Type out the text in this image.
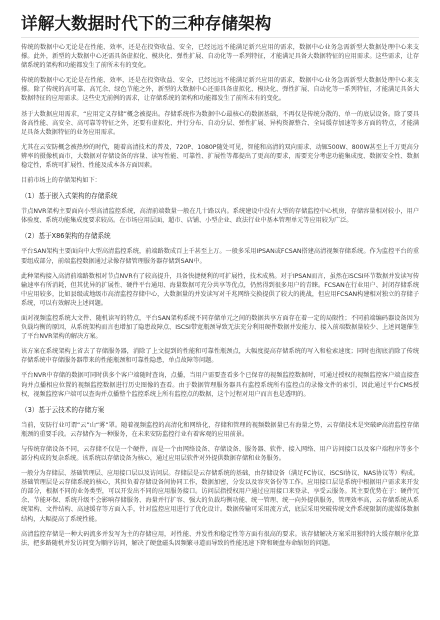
详解大数据时代下的三种存储架构

传统的数据中心无论是在性能、效率，还是在投资收益、安全，已经远远不能满足新兴应用的需求，数据中心业务急需新型大数据处理中心来支撑。此外，新型的大数据中心还需具备虚拟化、模块化、弹性扩展、自动化等一系列特征，才能满足具备大数据特征的应用需求。这些需求，让存储系统的架构和功能都发生了前所未有的变化。

传统的数据中心无论是在性能、效率，还是在投资收益、安全，已经远远不能满足新兴应用的需求，数据中心业务急需新型大数据处理中心来支撑。除了传统的高可靠、高冗余、绿色节能之外，新型的大数据中心还需具备虚拟化、模块化、弹性扩展、自动化等一系列特征，才能满足具备大数据特征的应用需求。这些史无前例的需求，让存储系统的架构和功能都发生了前所未有的变化。

基于大数据应用需求，“应用定义存储”概念被提出。存储系统作为数据中心最核心的数据基础，不再仅是传统分散的、单一的底层设备。除了要具备高性能、高安全、高可靠等特征之外，还要有虚拟化、并行分布、自动分层、弹性扩展、异构资源整合、全局缓存加速等多方面的特点，才能满足具备大数据特征的业务应用需求。

尤其在云安防概念被热炒的时代，随着高清技术的普及，720P、1080P随处可见，智能和高清的双向需求、动辄500W、800W甚至上千万更高分辨率的摄像机面市，大数据对存储设备的容量、读写性能、可靠性、扩展性等都提出了更高的要求，需要充分考虑功能集成度、数据安全性、数据稳定性，系统可扩展性、性能及成本各方面因素。

目前市场上的存储架构如下：

（1）基于嵌入式架构的存储系统

节点NVR架构主要面向小型高清监控系统，高清前端数量一般在几十路以内。系统建设中没有大型的存储监控中心机房，存储容量相对较小，用户体验度、系统功能集成度要求较高。在市场应用层面，超市、店铺、小型企业、政法行业中基本管理单元等应用较为广泛。

（2）基于X86架构的存储系统

平台SAN架构主要面向中大型高清监控系统，前端路数成百上千甚至上万。一般多采用IPSAN或FCSAN搭建高清视频存储系统。作为监控平台的重要组成部分，前端监控数据通过录像存储管理服务器存储到SAN中。

此种架构接入高清前端路数相对节点NVR有了较高提升，具备快捷便利的可扩展性，技术成熟。对于IPSAN而言，虽然在iSCSI环节数据并发读写传输速率有所消耗，但其优异的扩展性、硬件平台通用、海量数据可充分共享等优点，仍然得到很多用户的青睐。FCSAN在行业用户、封闭存储系统中应用较多，比如县级或地级市高清监控存储中心，大数据量的并发读写对千兆网络交换提供了较大的挑战，但应用FCSAN构建相对独立的存储子系统，可以有效解决上述问题。

面对视频监控系统大文件、随机读写的特点，平台SAN架构系统不同存储单元之间的数据共享方面存在着一定的局限性；不同前端编码器设备因为负载均衡的原因，从系统架构而言也增加了隐患故障点、ISCSI带宽瓶颈导致无法充分利用硬件数据并发能力、接入前端数据量较少、上述问题催生了平台NVR架构的解决方案。

该方案在系统架构上省去了存储服务器，消除了上文提到的性能和可靠性瓶颈点，大幅度提高存储系统的写入和检索速度；同时也彻底消除了传统存储系统中存储服务器带来的性能瓶颈和可靠性隐患，单点故障等问题。

平台NVR中存储的数据可同时供多个客户端随时查询，点播，当用户需要查看多个已保存的视频监控数据时，可通过授权的视频监控客户端直接查询并点播相应位置的视频监控数据进行历史图像的查看。由于数据管理服务器具有监控系统所有监控点的录像文件的索引，因此通过平台CMS授权，视频监控客户端可以查询并点播整个监控系统上所有监控点的数据，这个过程对用户而言也是透明的。

（3）基于云技术的存储方案

当前，安防行业可谓“云”山“雾”罩。随着视频监控的高清化和网络化，存储和管理的视频数据量已有海量之势，云存储技术是突破IP高清监控存储瓶颈的重要手段。云存储作为一种服务，在未来安防监控行业有着客观的应用前景。

与传统存储设备不同，云存储不仅是一个硬件，而是一个由网络设备、存储设备、服务器、软件、接入网络、用户访问接口以及客户端程序等多个部分构成的复杂系统。该系统以存储设备为核心，通过应用层软件对外提供数据存储和业务服务。

一般分为存储层、基础管理层、应用接口层以及访问层。存储层是云存储系统的基础，由存储设备（满足FC协议、iSCSI协议、NAS协议等）构成。基础管理层是云存储系统的核心，其担负着存储设备间协同工作，数据加密，分发以及容灾备份等工作。应用接口层是系统中根据用户需求来开发的部分，根据不同的业务类型，可以开发出不同的应用服务接口。访问层指授权用户通过应用接口来登录、享受云服务。其主要优势在于：硬件冗余、节能环保、系统升级不会影响存储服务、海量并行扩容、强大的负载均衡功能、统一管理、统一向外提供服务，管理效率高，云存储系统从系统架构、文件结构、高速缓存等方面入手，针对监控应用进行了优化设计。数据传输可采用流方式，底层采用突破传统文件系统限制的流媒体数据结构，大幅提高了系统性能。

高清监控存储是一种大码流多并发写为主的存储应用，对性能、并发性和稳定性等方面有很高的要求。该存储解决方案采用独特的大缓存顺序化算法，把多路随机并发访问变为顺序访问，解决了硬盘磁头因频繁寻道而导致的性能迅速下降和硬盘寿命缩短的问题。
